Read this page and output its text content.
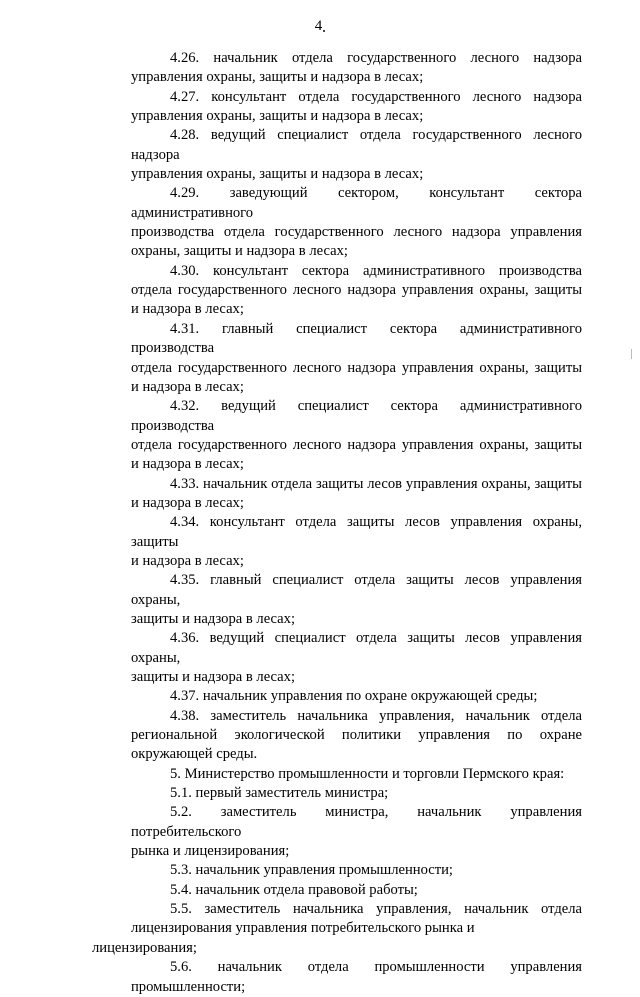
4
4.26. начальник отдела государственного лесного надзора
управления охраны, защиты и надзора в лесах;
4.27. консультант отдела государственного лесного надзора
управления охраны, защиты и надзора в лесах;
4.28. ведущий специалист отдела государственного лесного надзора
управления охраны, защиты и надзора в лесах;
4.29. заведующий сектором, консультант сектора административного
производства отдела государственного лесного надзора управления
охраны, защиты и надзора в лесах;
4.30. консультант сектора административного производства
отдела государственного лесного надзора управления охраны, защиты
и надзора в лесах;
4.31. главный специалист сектора административного производства
отдела государственного лесного надзора управления охраны, защиты
и надзора в лесах;
4.32. ведущий специалист сектора административного производства
отдела государственного лесного надзора управления охраны, защиты
и надзора в лесах;
4.33. начальник отдела защиты лесов управления охраны, защиты
и надзора в лесах;
4.34. консультант отдела защиты лесов управления охраны, защиты
и надзора в лесах;
4.35. главный специалист отдела защиты лесов управления охраны,
защиты и надзора в лесах;
4.36. ведущий специалист отдела защиты лесов управления охраны,
защиты и надзора в лесах;
4.37. начальник управления по охране окружающей среды;
4.38. заместитель начальника управления, начальник отдела
региональной экологической политики управления по охране
окружающей среды.
5. Министерство промышленности и торговли Пермского края:
5.1. первый заместитель министра;
5.2. заместитель министра, начальник управления потребительского
рынка и лицензирования;
5.3. начальник управления промышленности;
5.4. начальник отдела правовой работы;
5.5. заместитель начальника управления, начальник отдела
лицензирования управления потребительского рынка и лицензирования;
5.6. начальник отдела промышленности управления
промышленности;
